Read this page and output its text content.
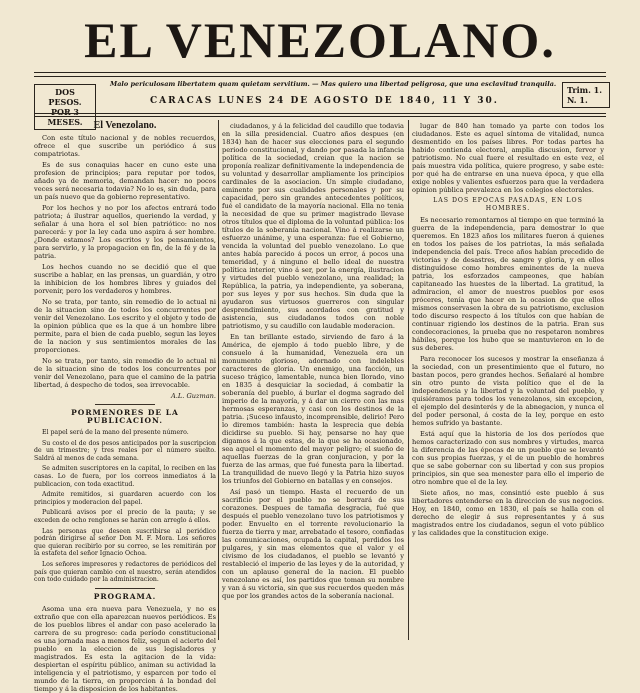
EL VENEZOLANO.
Malo periculosam libertatem quam quietam servitium. — Mas quiero una libertad peligrosa, que una esclavitud tranquila.
DOS PESOS.
POR 3 MESES.
CARACAS LUNES 24 DE AGOSTO DE 1840, 11 Y 30.
Trim. 1.
N. 1.
El Venezolano.

Con este título nacional y de nobles recuerdos, ofrece el que suscribe un periódico á sus compatriotas.

Es de sus conaquias hacer en cuno este una profesion de principios; para reputar por todos, añado ya de memoria, demandan hacer: no pocos veces será necesaria todavia? No lo es, sin duda, para un país nuevo que da gobierno representativo.

Por los hechos y no por los afectos entrará todo patriota; á ilustrar aquellos, queriendo la verdad, y señalar á una hora el sol bien patriótico: no nos parecerá: y por la ley cada uno aspira á ser hombre. ¿Donde estamos? Los escritos y los pensamientos, para servirlo, y la propagacion en fin, de la fé y de la patria.

Los hechos cuando no se decidió que el que suscribe a hablar, en las prensas, un guardián, y otro la inhibicion de los hombres libres y guiados del porvenir, pero los verdaderos y hombres.

No se trata, por tanto, sin remedio de lo actual ni de la situacion sino de todos los concurrentes por venir del Venezolano. Los escrito y el objeto y todo de la opinion pública que es la que á un hombre libre permite, para el bien de cada pueblo, segun las leyes de la nacion y sus sentimientos morales de las proporciones.

No se trata, por tanto, sin remedio de lo actual ni de la situacion sino de todos los concurrentes por venir del Venezolano, para que el camino de la patria libertad, á despecho de todos, sea irrevocable.

A.L. Guzman.

PORMENORES DE LA PUBLICACION.

El papel será de la mano del presente número.

Su costo el de dos pesos anticipados por la suscripcion de un trimestre; y tres reales por el número suelto. Saldrá al menos de cada semana.

Se admiten suscriptores en la capital, lo reciben en las casas. Lo de fuera, por los correos inmediatos á la publicacion, con toda exactitud.

Admite remitidos, si guardaren acuerdo con los principios y moderacion del papel.

Publicará avisos por el precio de la pauta; y se exceden de ocho renglones se harán con arreglo á ellos.

Las personas que deseen suscribirse al periódico podrán dirigirse al señor Don M. F. Mora. Los señores que quieran recibirlo por su correo, se les remitirán por la estafeta del señor Ignacio Ochoa.

Los señores impresores y redactores de periódicos del país que quieran cambio con el nuestro, serán atendidos con todo cuidado por la administracion.

PROGRAMA.

Asoma una era nueva para Venezuela, y no es extraño que con ella aparezcan nuevos periódicos. Es de los pueblos libres el andar con paso acelerado la carrera de su progreso: cada período constitucional es una jornada mas a menos feliz, segun el acierto del pueblo en la eleccion de sus legisladores y magistrados. Es esta la agitacion de la vida: despiertan el espíritu público, animan su actividad la inteligencia y el patriotismo, y esparcen por todo el mundo de la tierra, en proporcion á la bondad del tiempo y á la disposicion de los habitantes.

ciudadanos, y á la felicidad del caudillo que todavia en la silla presidencial. Cuatro años despues (en 1834) han de hacer sus elecciones para el segundo periodo constitucional, y dando por pasada la infancia política de la sociedad, creian que la nacion se proponía realizar definitivamente la independencia de su voluntad y desarrollar ampliamente los principios cardinales de la asociacion. Un simple ciudadano, eminente por sus cualidades personales y por su capacidad, pero sin grandes antecedentes políticos, fué el candidato de la mayoría nacional. Ella no tenia la necesidad de que su primer magistrado llevase otros títulos que el diploma de la voluntad pública: los títulos de la soberanía nacional. Vino á realizarse un esfuerzo unánime, y una esperanza: fue el Gobierno, vencida la voluntad del pueblo venezolano. Lo que antes había parecido á pocos un error, á pocos una temeridad, y á ninguno el bello ideal de nuestra política interior, vino á ser, por la energía, ilustracion y virtudes del pueblo venezolano, una realidad; la República, la patria, ya independiente, ya soberana, por sus leyes y por sus hechos. Sin duda que la ayudaron sus virtuosos guerreros con singular desprendimiento, sus acordados con gratitud y asistencia, sus ciudadanos todos con noble patriotismo, y su caudillo con laudable moderacion.

En tan brillante estado, sirviendo de faro á la América, de ejemplo á todo pueblo libre, y de consuelo á la humanidad, Venezuela era un monumento glorioso, adornado con indelebles caracteres de gloria. Un enemigo, una facción, un suceso trágico, lamentable, nunca bien llorado, vino en 1835 á desquiciar la sociedad, á combatir la soberanía del pueblo, á burlar el dogma sagrado del imperio de la mayoría, y á dar un cierro con las mas hermosas esperanzas, y casi con los destinos de la patria. ¡Suceso infausto, incomprensible, delirio! Pero lo diremos también: hasta la lesprecia que debía dicidirse su pueblo. Si hay, pensarse no hay que digamos á la que estas, de la que se ha ocasionado, sea aquel el momento del mayor peligro; el sueño de aquellas fuerzas de la gran conjuracion, y por la fuerza de las armas, que fué funesta para la libertad. La tranquilidad de nuevo llegó y la Patria hizo suyos los triunfos del Gobierno en batallas y en consejos.

Así pasó un tiempo. Hasta el recuerdo de un sacrificio por el pueblo no se borrará de sus corazones. Despues de tamaña desgracia, fué que después el pueblo venezolano tuvo los patriotismos y poder. Envuelto en el torrente revolucionario la fuerza de tierra y mar, arrebatado el tesoro, confiadas las comunicaciones, ocupada la capital, perdidos los pulgares, y sin mas elementos que el valor y el civismo de los ciudadanos, el pueblo se levantó y restableció el imperio de las leyes y de la autoridad, y con un aplauso general de la nacion. El pueblo venezolano es así, los partidos que toman su nombre y van á su victoria, sin que sus recuerdos queden más que por los grandes actos de la soberanía nacional.

lugar de 840 han tomado ya parte con todos los ciudadanos. Este es aquel síntoma de vitalidad, nunca desmentido en los países libres. Por todas partes ha habido contienda electoral, amplia discusion, fervor y patriotismo. No cual fuere el resultado en este vez, el país muestra vida política, quiere progreso, y sabe este: por qué ha de entrarse en una nueva época, y que ella exige nobles y valientes esfuerzos para que la verdadera opinion pública prevalezca en los colegios electorales.

LAS DOS EPOCAS PASADAS, EN LOS HOMBRES.

Es necesario remontarnos al tiempo en que terminó la guerra de la independencia, para demostrar lo que queremos. En 1823 años los militares fueron á quienes en todos los países de los patriotas, la más señalada independencia del país. Trece años habían precedido de victorias y de desastres, de sangre y gloria, y en ellos distinguídose como hombres eminentes de la nueva patria, los esforzados campeones, que habían capitaneado las huestes de la libertad. La gratitud, la admiracion, el amor de nuestros pueblos por esos próceres, tenía que hacer en la ocasion de que ellos mismos conservasen la obra de su patriotismo, exclusion todo discurso respecto á los títulos con que habían de continuar rigiendo los destinos de la patria. Eran sus condecoraciones, la prueba que no respetaron nombres hábiles, porque los hubo que se mantuvieron en lo de sus deberes.

Para reconocer los sucesos y mostrar la enseñanza á la sociedad, con un presentimiento que el futuro, no bastan pocos, pero grandes hechos. Señalaré al hombre sin otro punto de vista político que el de la independencia y la libertad y la voluntad del pueblo, y quisiéramos para todos los venezolanos, sin excepcion, el ejemplo del desinterés y de la abnegacion, y nunca el del poder personal, á costa de la ley, porque en esto hemos sufrido ya bastante.

Está aquí que la historia de los dos períodos que hemos caracterizado con sus nombres y virtudes, marca la diferencia de las épocas de un pueblo que se levantó con sus propias fuerzas, y el de un pueblo de hombres que se sabe gobernar con su libertad y con sus propios principios, sin que sea menester para ello el imperio de otro nombre que el de la ley.

Siete años, no mas, consintió este pueblo á sus libertadores entenderse en la direccion de sus negocios. Hoy, en 1840, como en 1830, el país se halla con el derecho de elegir á sus representantes y á sus magistrados entre los ciudadanos, segun el voto público y las calidades que la constitucion exige.
